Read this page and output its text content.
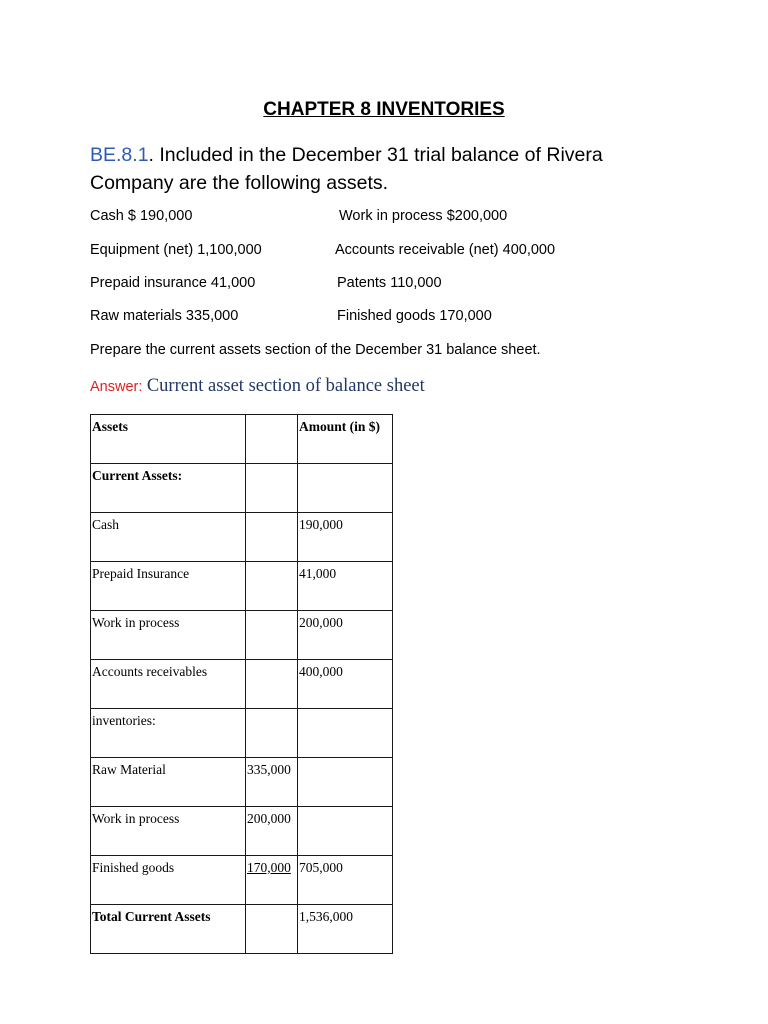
CHAPTER 8 INVENTORIES
BE.8.1. Included in the December 31 trial balance of Rivera Company are the following assets.
Cash $ 190,000	Work in process $200,000
Equipment (net) 1,100,000	Accounts receivable (net) 400,000
Prepaid insurance 41,000	Patents 110,000
Raw materials 335,000	Finished goods 170,000
Prepare the current assets section of the December 31 balance sheet.
Answer: Current asset section of balance sheet
Assets		Amount (in $)
Current Assets:		
Cash		190,000
Prepaid Insurance		41,000
Work in process		200,000
Accounts receivables		400,000
inventories:		
Raw Material	335,000	
Work in process	200,000	
Finished goods	170,000	705,000
Total Current Assets		1,536,000
